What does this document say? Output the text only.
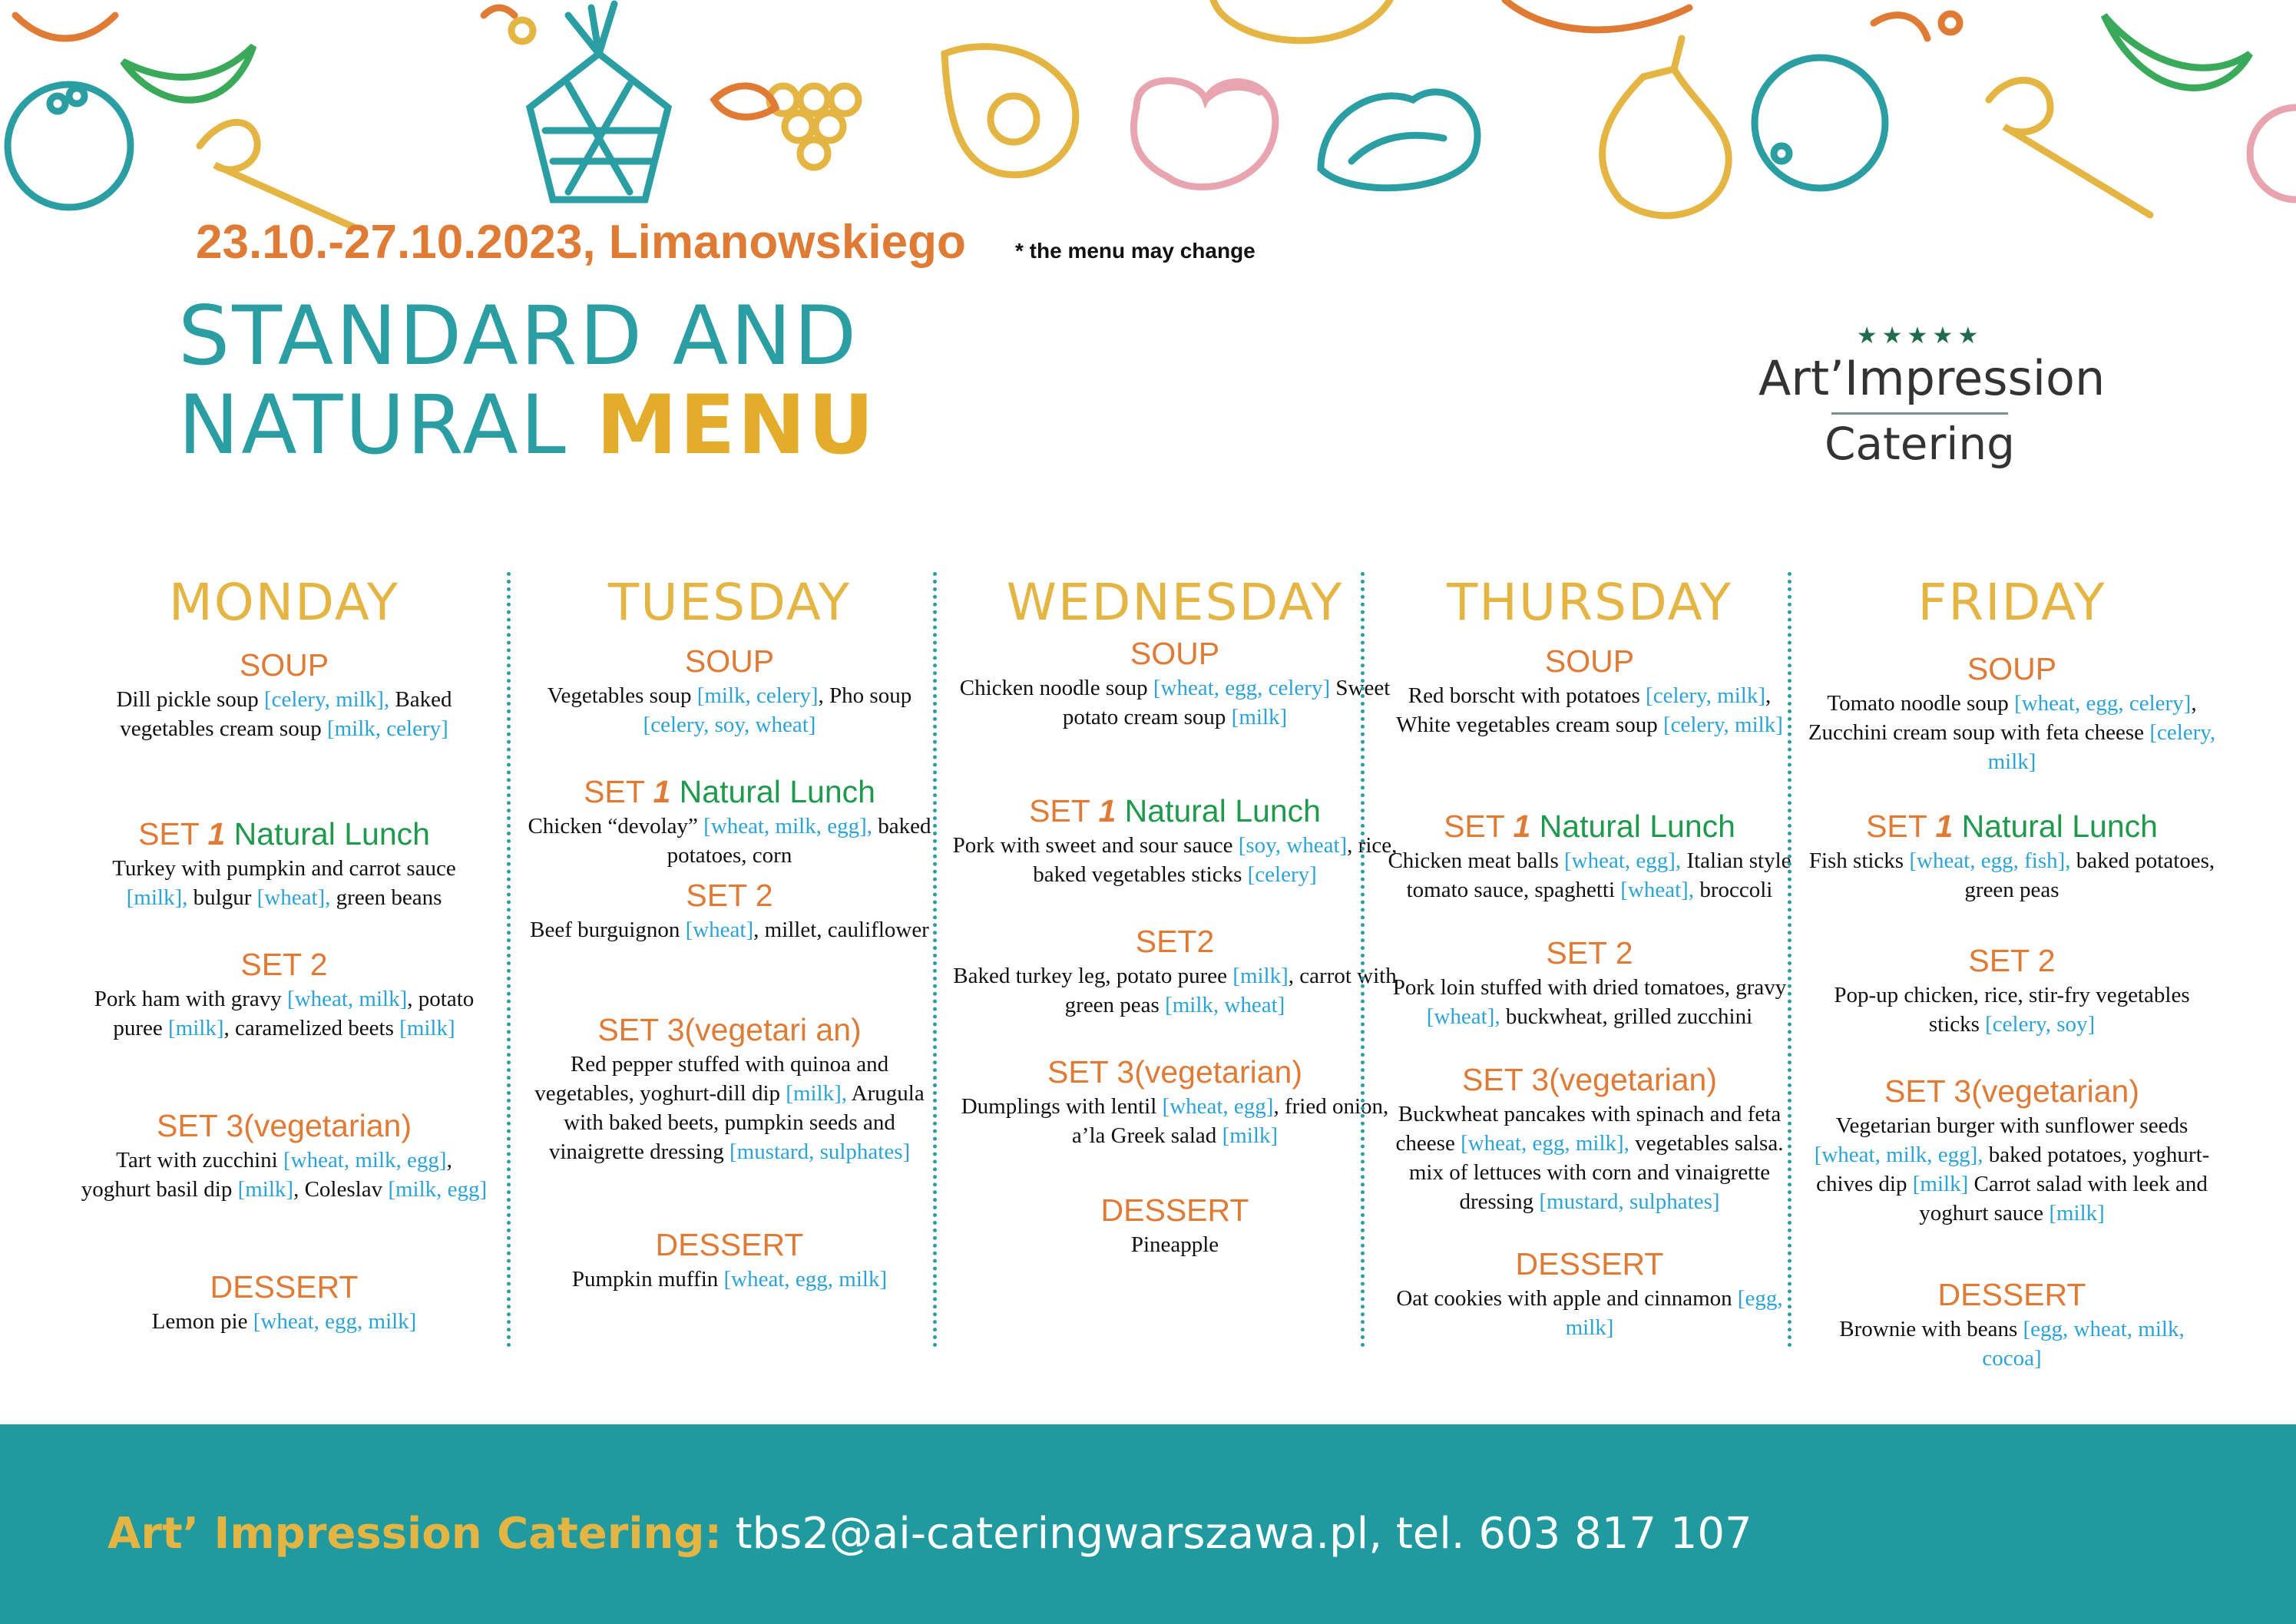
23.10.-27.10.2023, Limanowskiego * the menu may change
STANDARD AND
NATURAL MENU
★★★★★
Art’Impression
Catering
MONDAY
SOUP
Dill pickle soup [celery, milk], Baked vegetables cream soup [milk, celery]
SET 1 Natural Lunch
Turkey with pumpkin and carrot sauce [milk], bulgur [wheat], green beans
SET 2
Pork ham with gravy [wheat, milk], potato puree [milk], caramelized beets [milk]
SET 3(vegetarian)
Tart with zucchini [wheat, milk, egg], yoghurt basil dip [milk], Coleslav [milk, egg]
DESSERT
Lemon pie [wheat, egg, milk]
TUESDAY
SOUP
Vegetables soup [milk, celery], Pho soup [celery, soy, wheat]
SET 1 Natural Lunch
Chicken “devolay” [wheat, milk, egg], baked potatoes, corn
SET 2
Beef burguignon [wheat], millet, cauliflower
SET 3(vegetari an)
Red pepper stuffed with quinoa and vegetables, yoghurt-dill dip [milk], Arugula with baked beets, pumpkin seeds and vinaigrette dressing [mustard, sulphates]
DESSERT
Pumpkin muffin [wheat, egg, milk]
WEDNESDAY
SOUP
Chicken noodle soup [wheat, egg, celery] Sweet potato cream soup [milk]
SET 1 Natural Lunch
Pork with sweet and sour sauce [soy, wheat], rice, baked vegetables sticks [celery]
SET2
Baked turkey leg, potato puree [milk], carrot with green peas [milk, wheat]
SET 3(vegetarian)
Dumplings with lentil [wheat, egg], fried onion, a’la Greek salad [milk]
DESSERT
Pineapple
THURSDAY
SOUP
Red borscht with potatoes [celery, milk], White vegetables cream soup [celery, milk]
SET 1 Natural Lunch
Chicken meat balls [wheat, egg], Italian style tomato sauce, spaghetti [wheat], broccoli
SET 2
Pork loin stuffed with dried tomatoes, gravy [wheat], buckwheat, grilled zucchini
SET 3(vegetarian)
Buckwheat pancakes with spinach and feta cheese [wheat, egg, milk], vegetables salsa. mix of lettuces with corn and vinaigrette dressing [mustard, sulphates]
DESSERT
Oat cookies with apple and cinnamon [egg, milk]
FRIDAY
SOUP
Tomato noodle soup [wheat, egg, celery], Zucchini cream soup with feta cheese [celery, milk]
SET 1 Natural Lunch
Fish sticks [wheat, egg, fish], baked potatoes, green peas
SET 2
Pop-up chicken, rice, stir-fry vegetables sticks [celery, soy]
SET 3(vegetarian)
Vegetarian burger with sunflower seeds [wheat, milk, egg], baked potatoes, yoghurt-chives dip [milk] Carrot salad with leek and yoghurt sauce [milk]
DESSERT
Brownie with beans [egg, wheat, milk, cocoa]
Art’ Impression Catering: tbs2@ai-cateringwarszawa.pl, tel. 603 817 107
